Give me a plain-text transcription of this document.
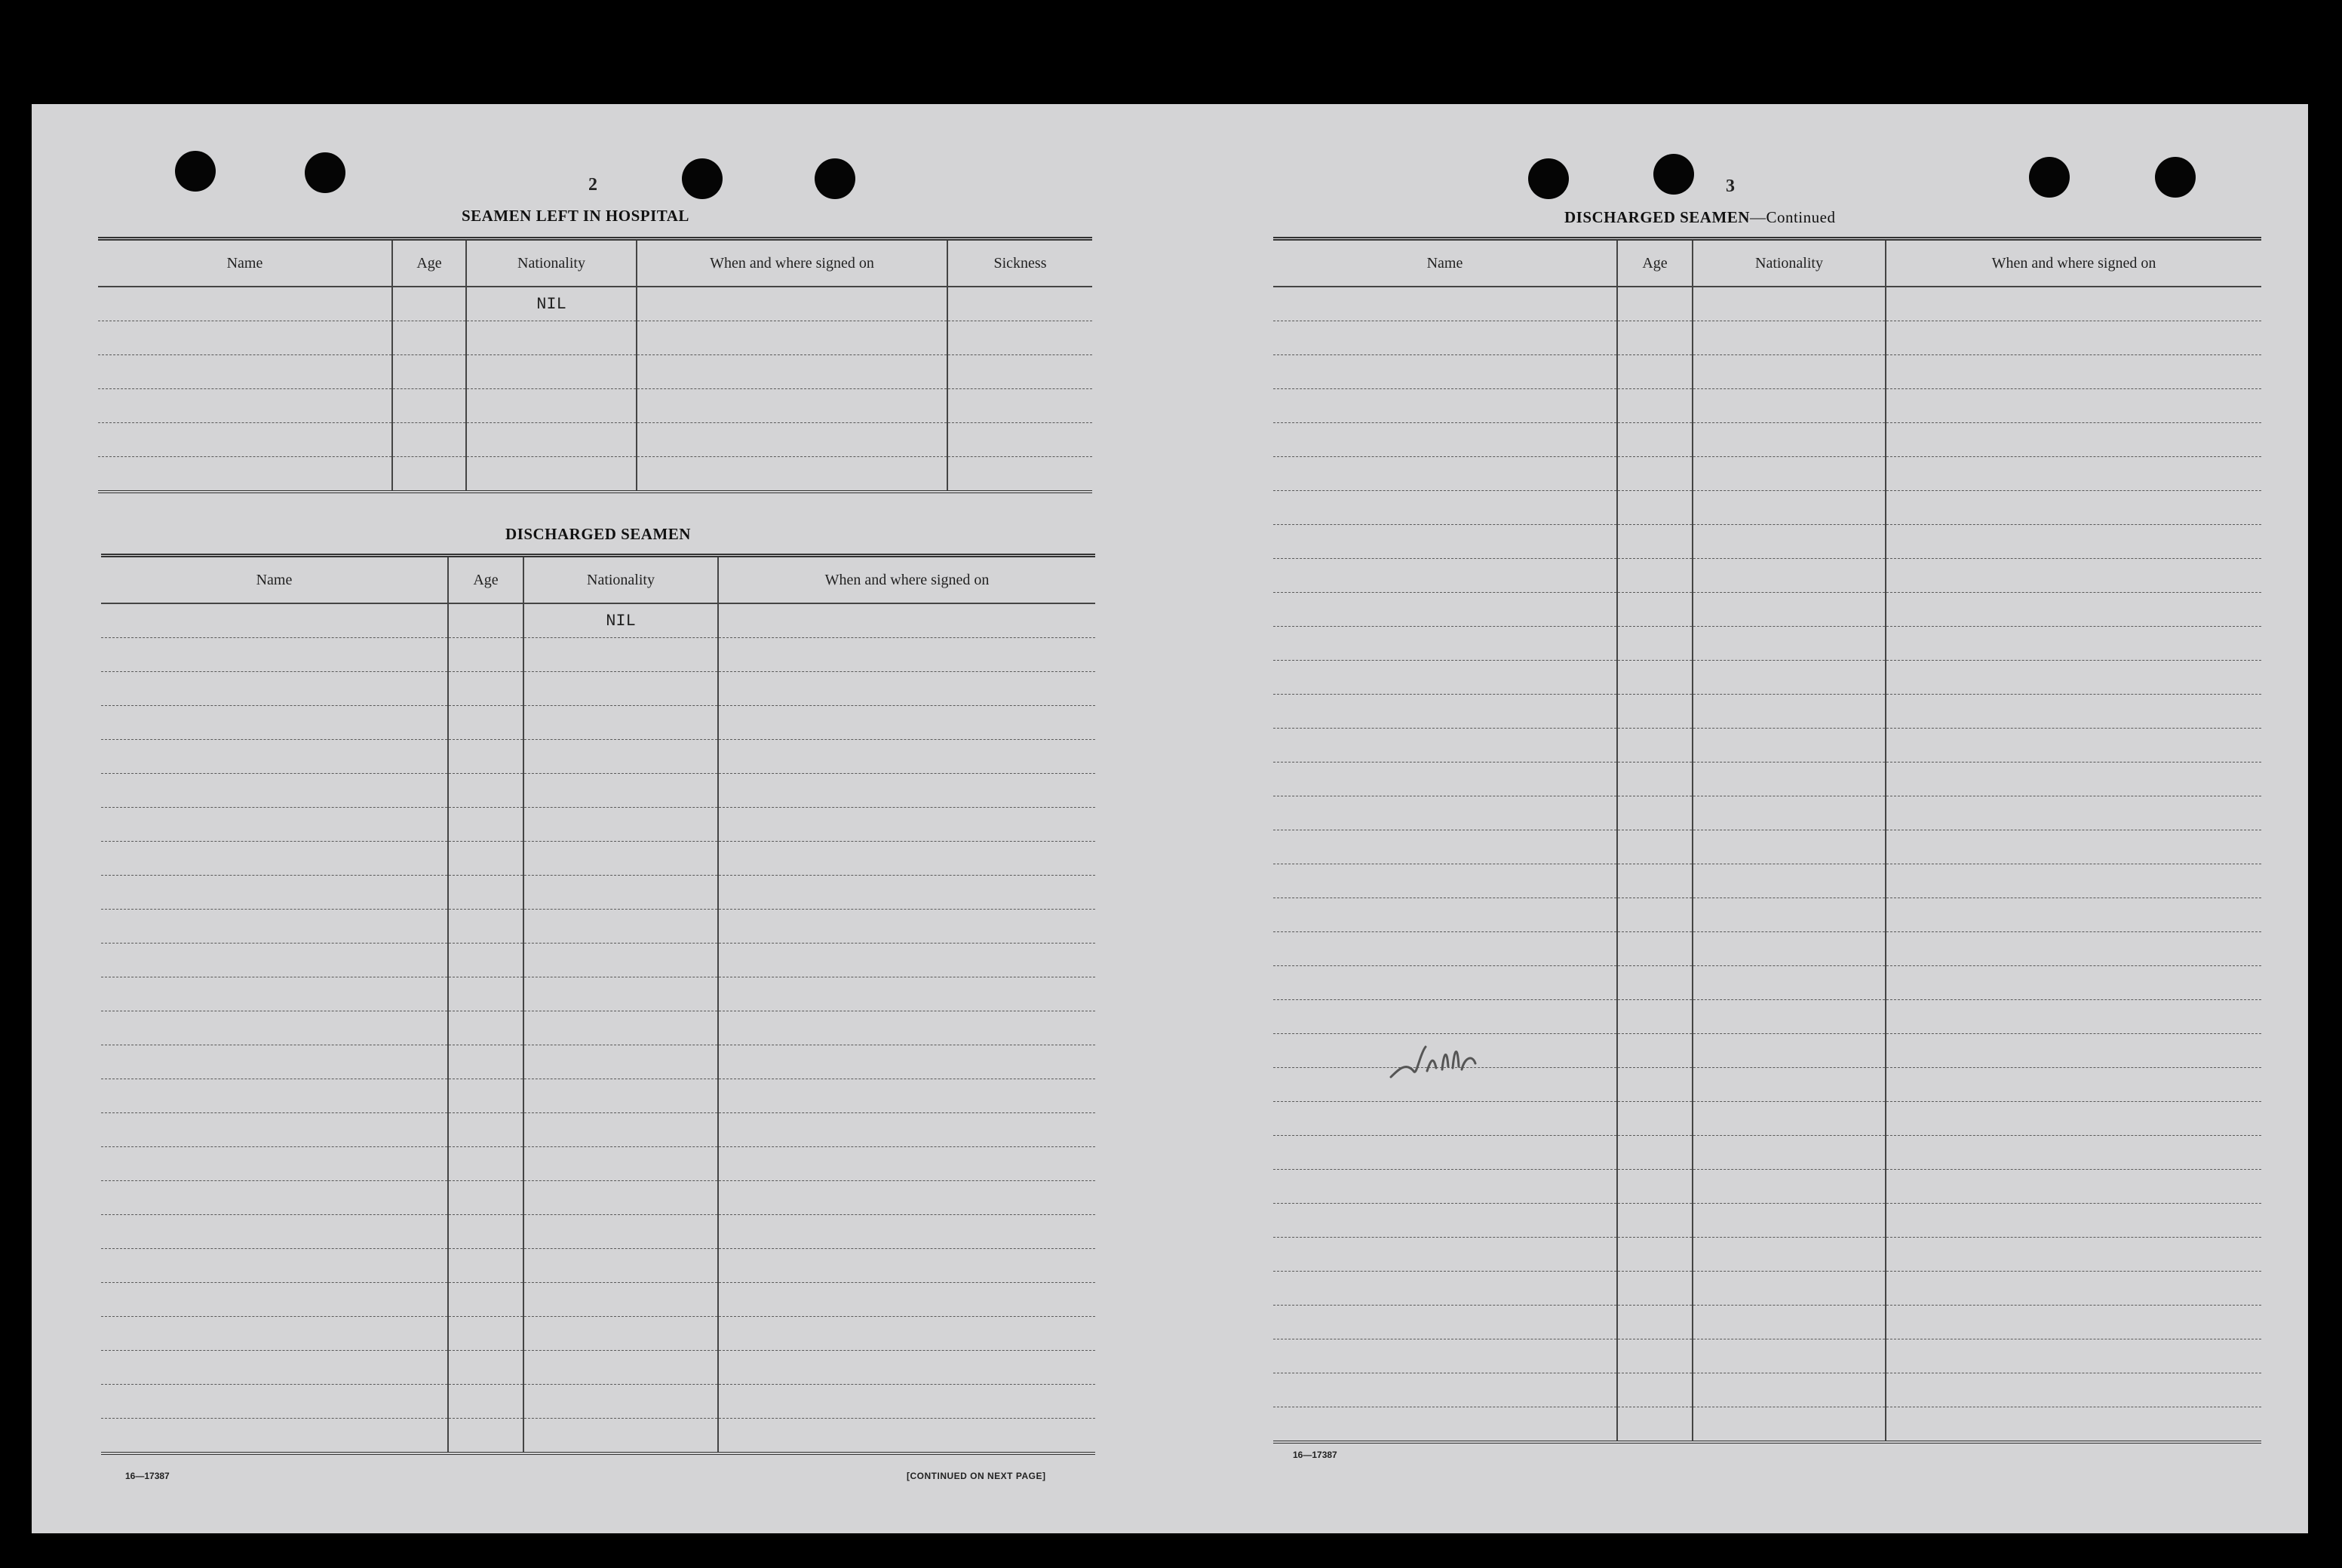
2
SEAMEN LEFT IN HOSPITAL
Name	Age	Nationality	When and where signed on	Sickness
		NIL		

DISCHARGED SEAMEN
Name	Age	Nationality	When and where signed on
		NIL	

16—17387	[CONTINUED ON NEXT PAGE]
3
DISCHARGED SEAMEN—Continued
Name	Age	Nationality	When and where signed on

16—17387
